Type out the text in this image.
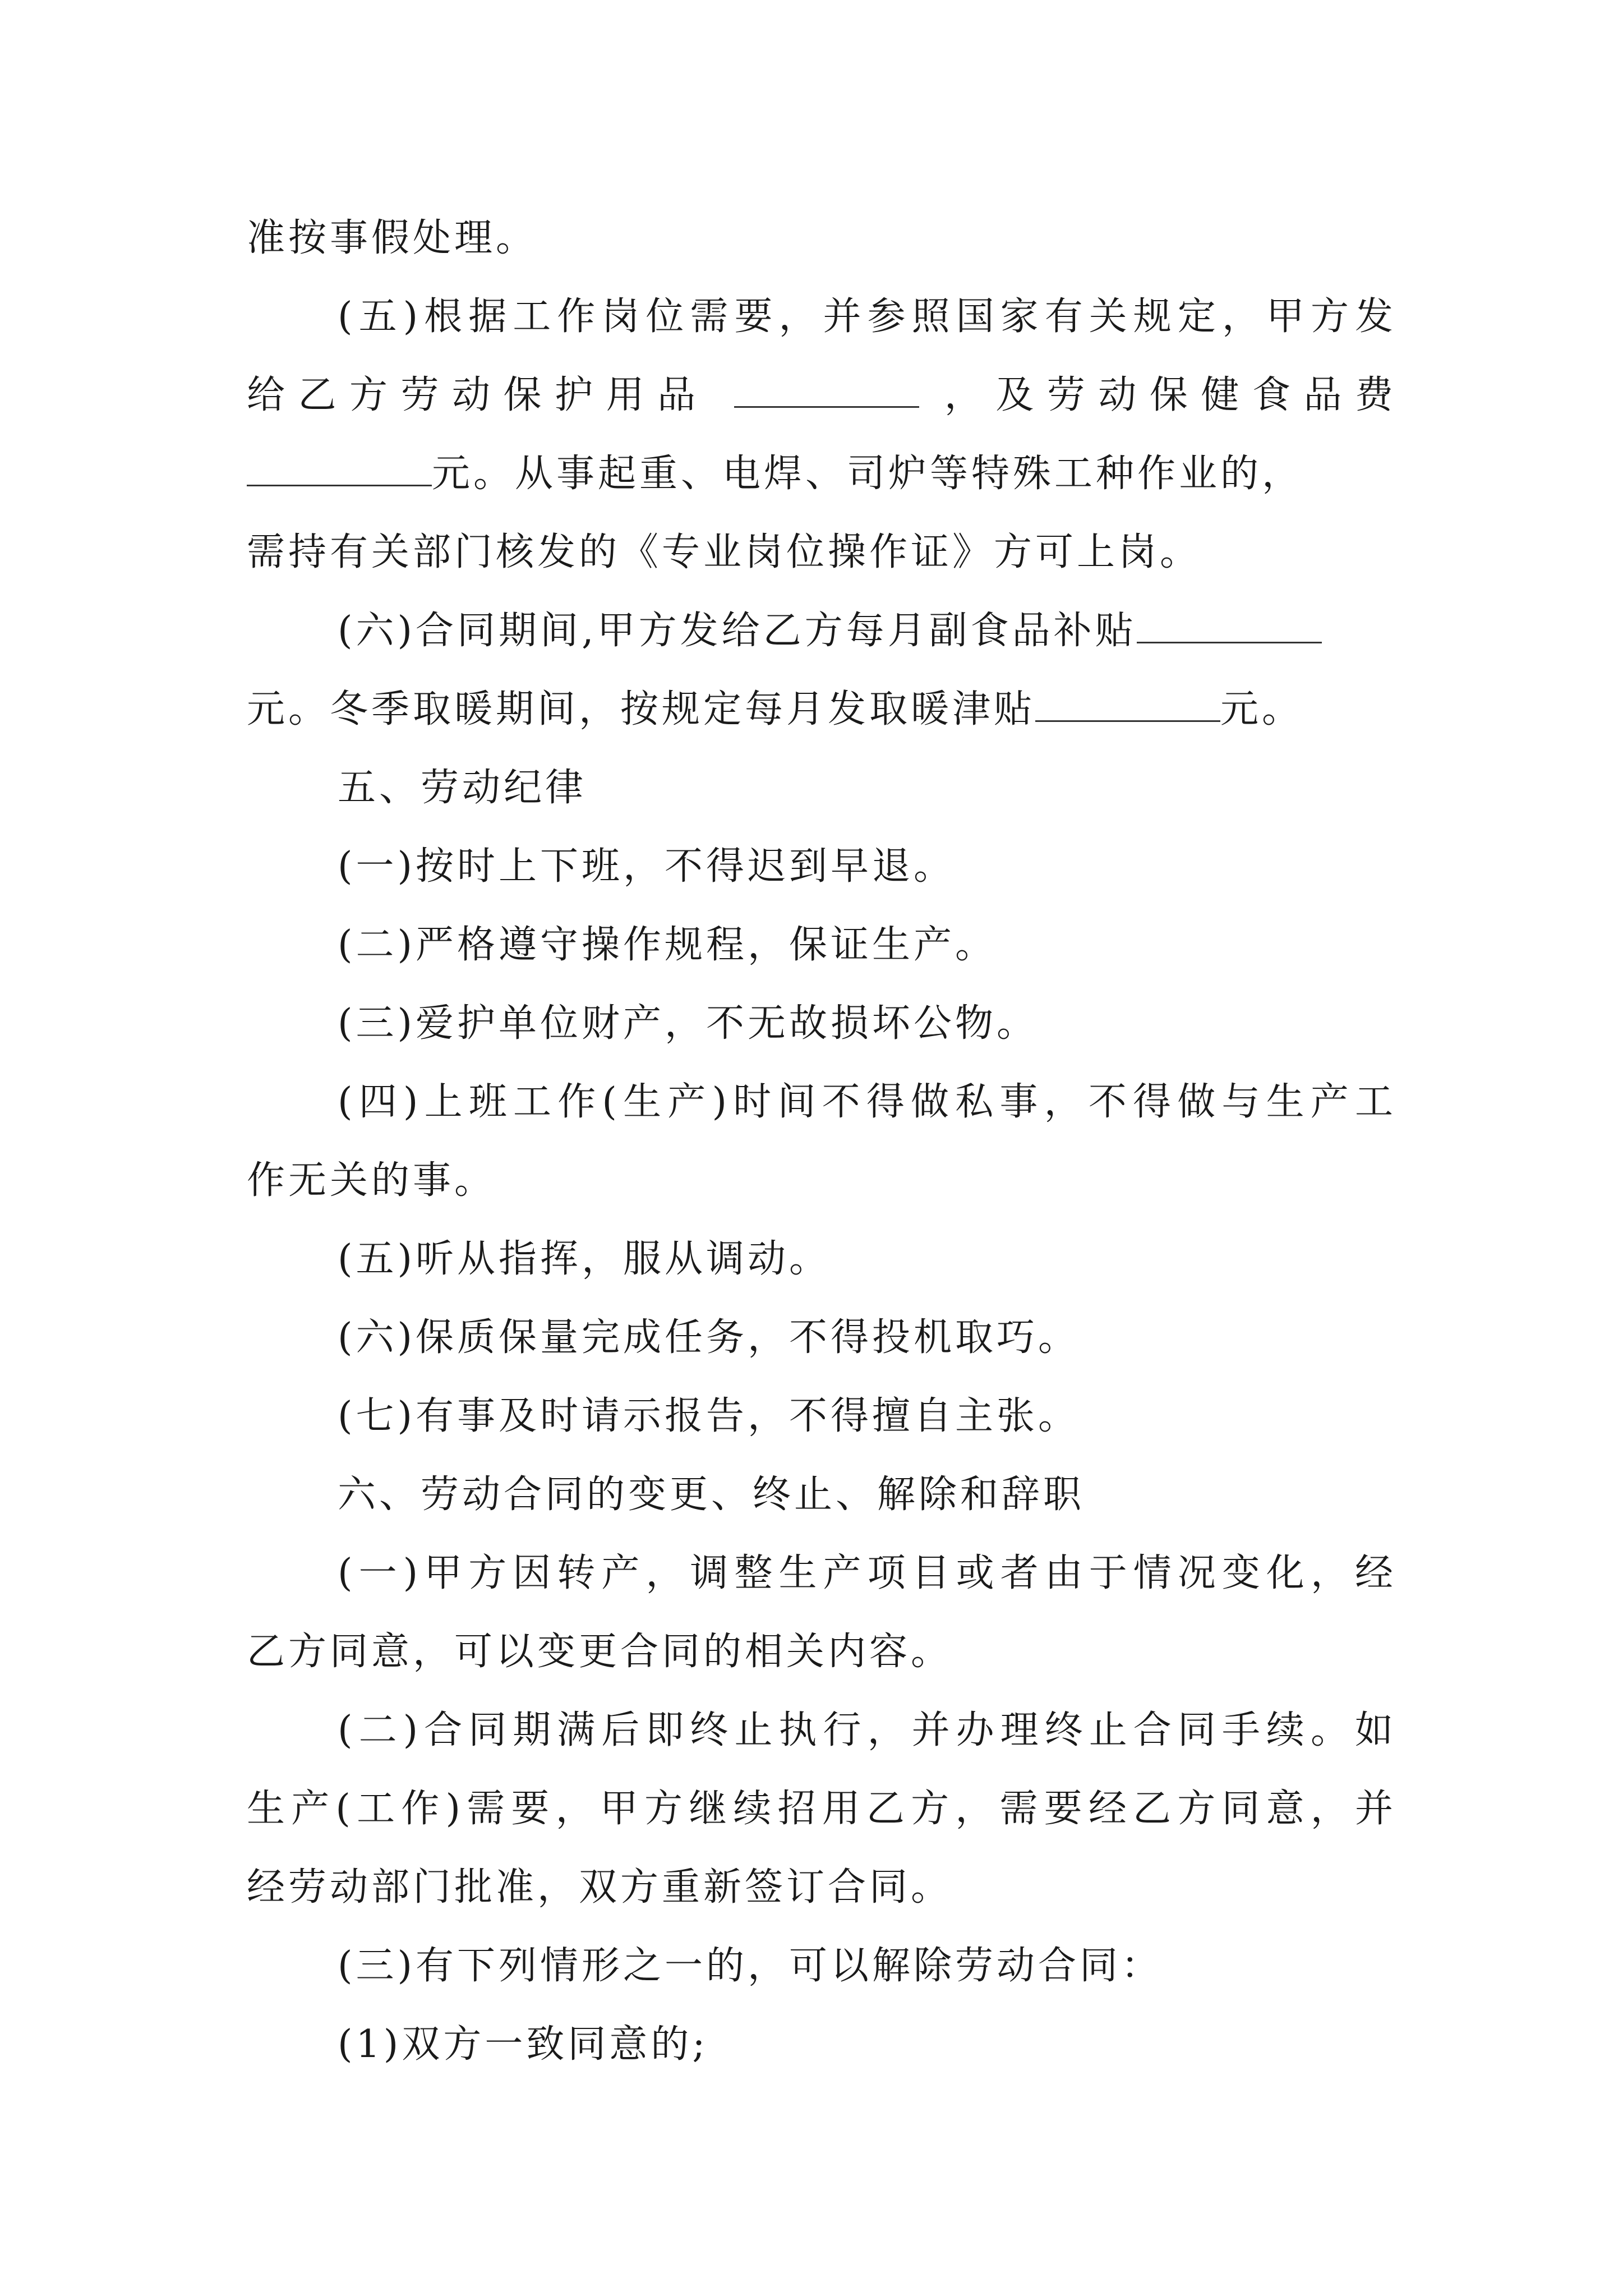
准按事假处理。
(五)根据工作岗位需要，并参照国家有关规定，甲方发
给乙方劳动保护用品	，及劳动保健食品费
元。从事起重、电焊、司炉等特殊工种作业的，
需持有关部门核发的《专业岗位操作证》方可上岗。
(六)合同期间,甲方发给乙方每月副食品补贴
元。冬季取暖期间，按规定每月发取暖津贴	元。
五、劳动纪律
(一)按时上下班，不得迟到早退。
(二)严格遵守操作规程，保证生产。
(三)爱护单位财产，不无故损坏公物。
(四)上班工作(生产)时间不得做私事，不得做与生产工
作无关的事。
(五)听从指挥，服从调动。
(六)保质保量完成任务，不得投机取巧。
(七)有事及时请示报告，不得擅自主张。
六、劳动合同的变更、终止、解除和辞职
(一)甲方因转产，调整生产项目或者由于情况变化，经
乙方同意，可以变更合同的相关内容。
(二)合同期满后即终止执行，并办理终止合同手续。如
生产(工作)需要，甲方继续招用乙方，需要经乙方同意，并
经劳动部门批准，双方重新签订合同。
(三)有下列情形之一的，可以解除劳动合同：
(1)双方一致同意的;
